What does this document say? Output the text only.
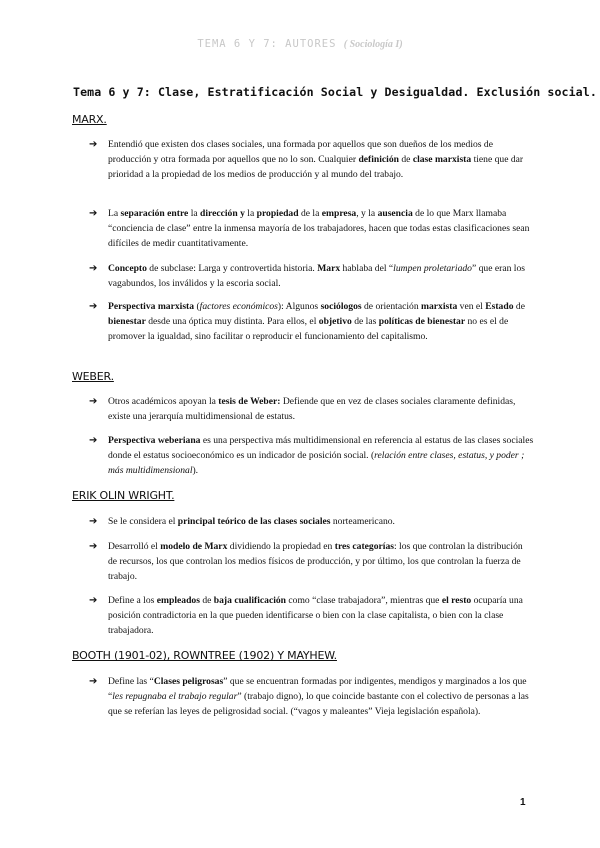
TEMA 6 Y 7: AUTORES ( Sociología I)
Tema 6 y 7: Clase, Estratificación Social y Desigualdad. Exclusión social.
MARX.
➔ Entendió que existen dos clases sociales, una formada por aquellos que son dueños de los medios de producción y otra formada por aquellos que no lo son. Cualquier definición de clase marxista tiene que dar prioridad a la propiedad de los medios de producción y al mundo del trabajo.
➔ La separación entre la dirección y la propiedad de la empresa, y la ausencia de lo que Marx llamaba “conciencia de clase” entre la inmensa mayoría de los trabajadores, hacen que todas estas clasificaciones sean difíciles de medir cuantitativamente.
➔ Concepto de subclase: Larga y controvertida historia. Marx hablaba del “lumpen proletariado” que eran los vagabundos, los inválidos y la escoria social.
➔ Perspectiva marxista (factores económicos): Algunos sociólogos de orientación marxista ven el Estado de bienestar desde una óptica muy distinta. Para ellos, el objetivo de las políticas de bienestar no es el de promover la igualdad, sino facilitar o reproducir el funcionamiento del capitalismo.
WEBER.
➔ Otros académicos apoyan la tesis de Weber: Defiende que en vez de clases sociales claramente definidas, existe una jerarquía multidimensional de estatus.
➔ Perspectiva weberiana es una perspectiva más multidimensional en referencia al estatus de las clases sociales donde el estatus socioeconómico es un indicador de posición social. (relación entre clases, estatus, y poder ; más multidimensional).
ERIK OLIN WRIGHT.
➔ Se le considera el principal teórico de las clases sociales norteamericano.
➔ Desarrolló el modelo de Marx dividiendo la propiedad en tres categorías: los que controlan la distribución de recursos, los que controlan los medios físicos de producción, y por último, los que controlan la fuerza de trabajo.
➔ Define a los empleados de baja cualificación como “clase trabajadora”, mientras que el resto ocuparía una posición contradictoria en la que pueden identificarse o bien con la clase capitalista, o bien con la clase trabajadora.
BOOTH (1901-02), ROWNTREE (1902) Y MAYHEW.
➔ Define las “Clases peligrosas” que se encuentran formadas por indigentes, mendigos y marginados a los que “les repugnaba el trabajo regular” (trabajo digno), lo que coincide bastante con el colectivo de personas a las que se referían las leyes de peligrosidad social. (“vagos y maleantes” Vieja legislación española).
1
